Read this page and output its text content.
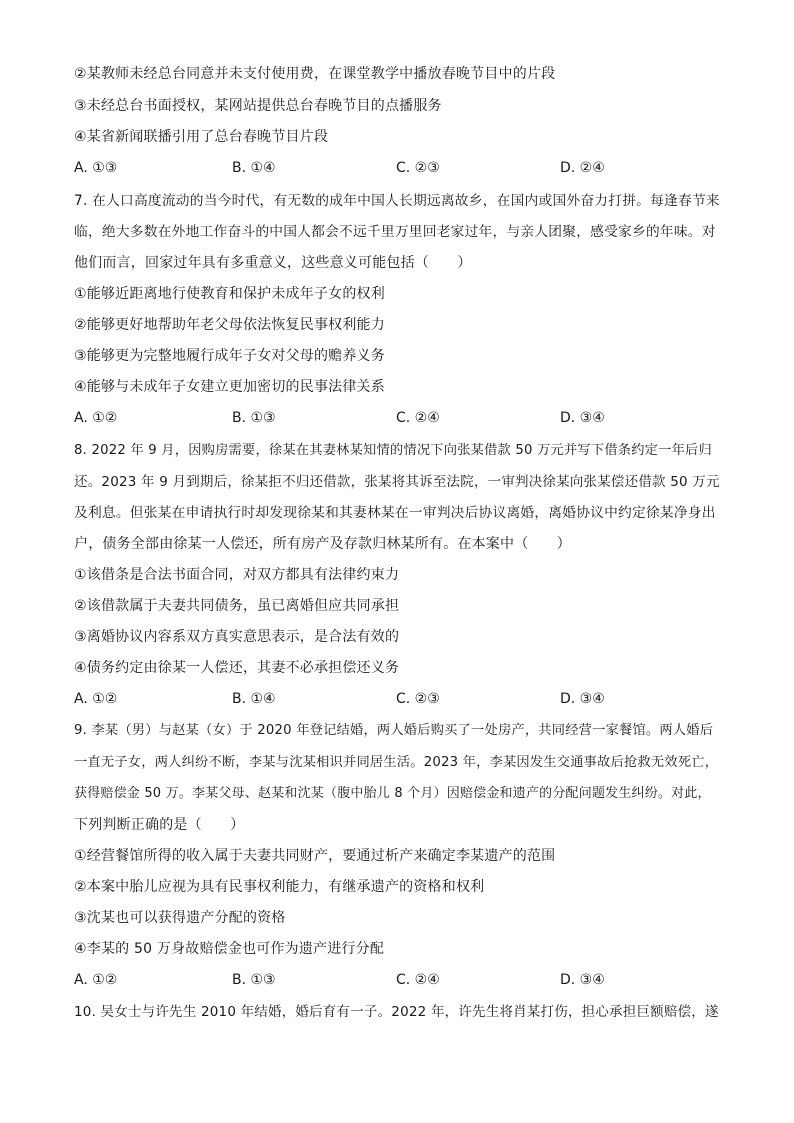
②某教师未经总台同意并未支付使用费，在课堂教学中播放春晚节目中的片段
③未经总台书面授权，某网站提供总台春晚节目的点播服务
④某省新闻联播引用了总台春晚节目片段
A. ①③	B. ①④	C. ②③	D. ②④
7. 在人口高度流动的当今时代，有无数的成年中国人长期远离故乡，在国内或国外奋力打拼。每逢春节来
临，绝大多数在外地工作奋斗的中国人都会不远千里万里回老家过年，与亲人团聚，感受家乡的年味。对
他们而言，回家过年具有多重意义，这些意义可能包括（　　）
①能够近距离地行使教育和保护未成年子女的权利
②能够更好地帮助年老父母依法恢复民事权利能力
③能够更为完整地履行成年子女对父母的赡养义务
④能够与未成年子女建立更加密切的民事法律关系
A. ①②	B. ①③	C. ②④	D. ③④
8. 2022 年 9 月，因购房需要，徐某在其妻林某知情的情况下向张某借款 50 万元并写下借条约定一年后归
还。2023 年 9 月到期后，徐某拒不归还借款，张某将其诉至法院，一审判决徐某向张某偿还借款 50 万元
及利息。但张某在申请执行时却发现徐某和其妻林某在一审判决后协议离婚，离婚协议中约定徐某净身出
户，债务全部由徐某一人偿还，所有房产及存款归林某所有。在本案中（　　）
①该借条是合法书面合同，对双方都具有法律约束力
②该借款属于夫妻共同债务，虽已离婚但应共同承担
③离婚协议内容系双方真实意思表示，是合法有效的
④债务约定由徐某一人偿还，其妻不必承担偿还义务
A. ①②	B. ①④	C. ②③	D. ③④
9. 李某（男）与赵某（女）于 2020 年登记结婚，两人婚后购买了一处房产，共同经营一家餐馆。两人婚后
一直无子女，两人纠纷不断，李某与沈某相识并同居生活。2023 年，李某因发生交通事故后抢救无效死亡，
获得赔偿金 50 万。李某父母、赵某和沈某（腹中胎儿 8 个月）因赔偿金和遗产的分配问题发生纠纷。对此，
下列判断正确的是（　　）
①经营餐馆所得的收入属于夫妻共同财产，要通过析产来确定李某遗产的范围
②本案中胎儿应视为具有民事权利能力，有继承遗产的资格和权利
③沈某也可以获得遗产分配的资格
④李某的 50 万身故赔偿金也可作为遗产进行分配
A. ①②	B. ①③	C. ②④	D. ③④
10. 吴女士与许先生 2010 年结婚，婚后育有一子。2022 年，许先生将肖某打伤，担心承担巨额赔偿，遂
